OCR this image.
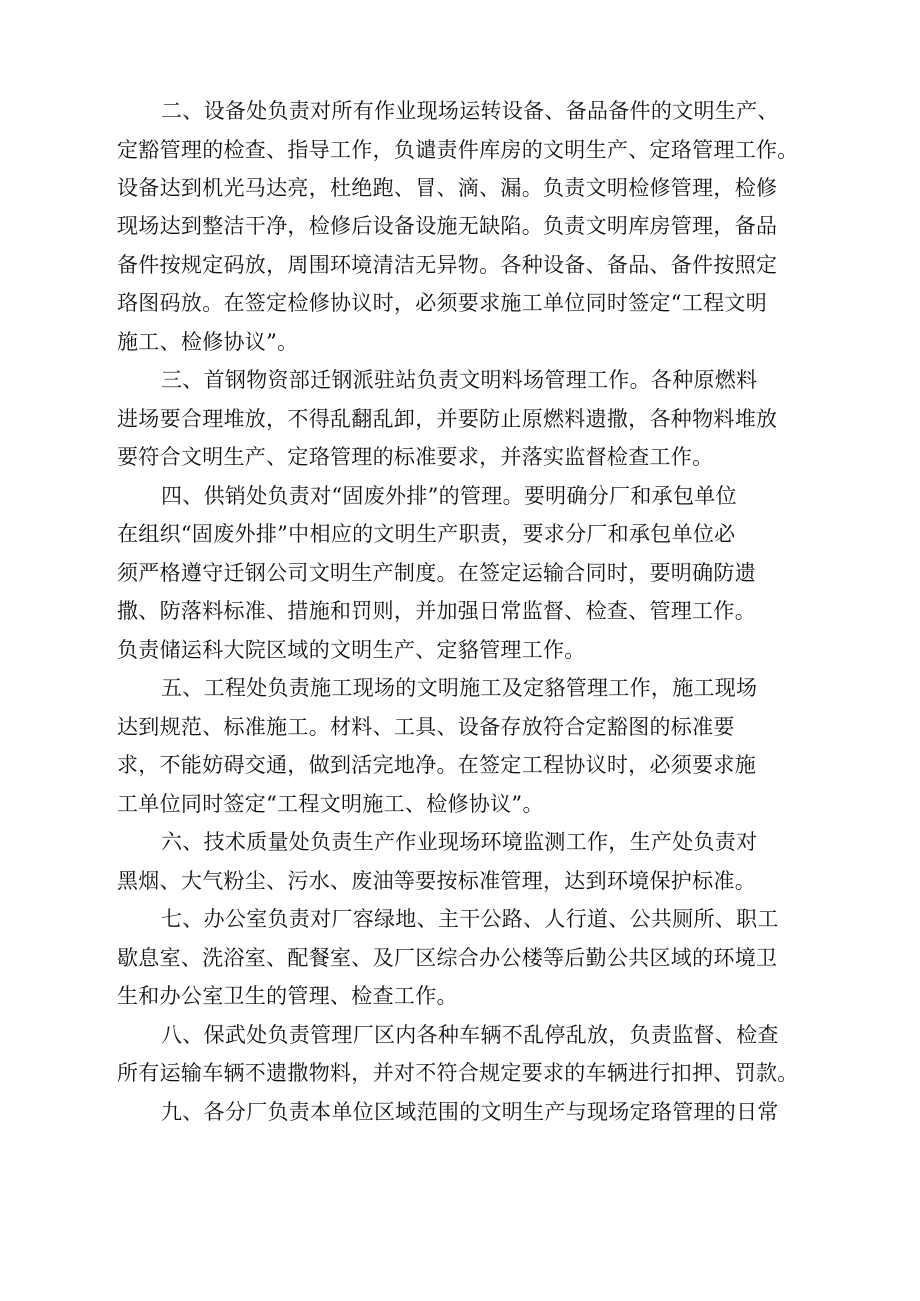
二、设备处负责对所有作业现场运转设备、备品备件的文明生产、
定豁管理的检查、指导工作，负谴责件库房的文明生产、定珞管理工作。
设备达到机光马达亮，杜绝跑、冒、滴、漏。负责文明检修管理，检修
现场达到整洁干净，检修后设备设施无缺陷。负责文明库房管理，备品
备件按规定码放，周围环境清洁无异物。各种设备、备品、备件按照定
珞图码放。在签定检修协议时，必须要求施工单位同时签定“工程文明
施工、检修协议”。
三、首钢物资部迁钢派驻站负责文明料场管理工作。各种原燃料
进场要合理堆放，不得乱翻乱卸，并要防止原燃料遗撒，各种物料堆放
要符合文明生产、定珞管理的标准要求，并落实监督检查工作。
四、供销处负责对“固废外排”的管理。要明确分厂和承包单位
在组织“固废外排”中相应的文明生产职责，要求分厂和承包单位必
须严格遵守迁钢公司文明生产制度。在签定运输合同时，要明确防遗
撒、防落料标准、措施和罚则，并加强日常监督、检查、管理工作。
负责储运科大院区域的文明生产、定貉管理工作。
五、工程处负责施工现场的文明施工及定貉管理工作，施工现场
达到规范、标准施工。材料、工具、设备存放符合定豁图的标准要
求，不能妨碍交通，做到活完地净。在签定工程协议时，必须要求施
工单位同时签定“工程文明施工、检修协议”。
六、技术质量处负责生产作业现场环境监测工作，生产处负责对
黑烟、大气粉尘、污水、废油等要按标准管理，达到环境保护标准。
七、办公室负责对厂容绿地、主干公路、人行道、公共厕所、职工
歇息室、洗浴室、配餐室、及厂区综合办公楼等后勤公共区域的环境卫
生和办公室卫生的管理、检查工作。
八、保武处负责管理厂区内各种车辆不乱停乱放，负责监督、检查
所有运输车辆不遗撒物料，并对不符合规定要求的车辆进行扣押、罚款。
九、各分厂负责本单位区域范围的文明生产与现场定珞管理的日常
